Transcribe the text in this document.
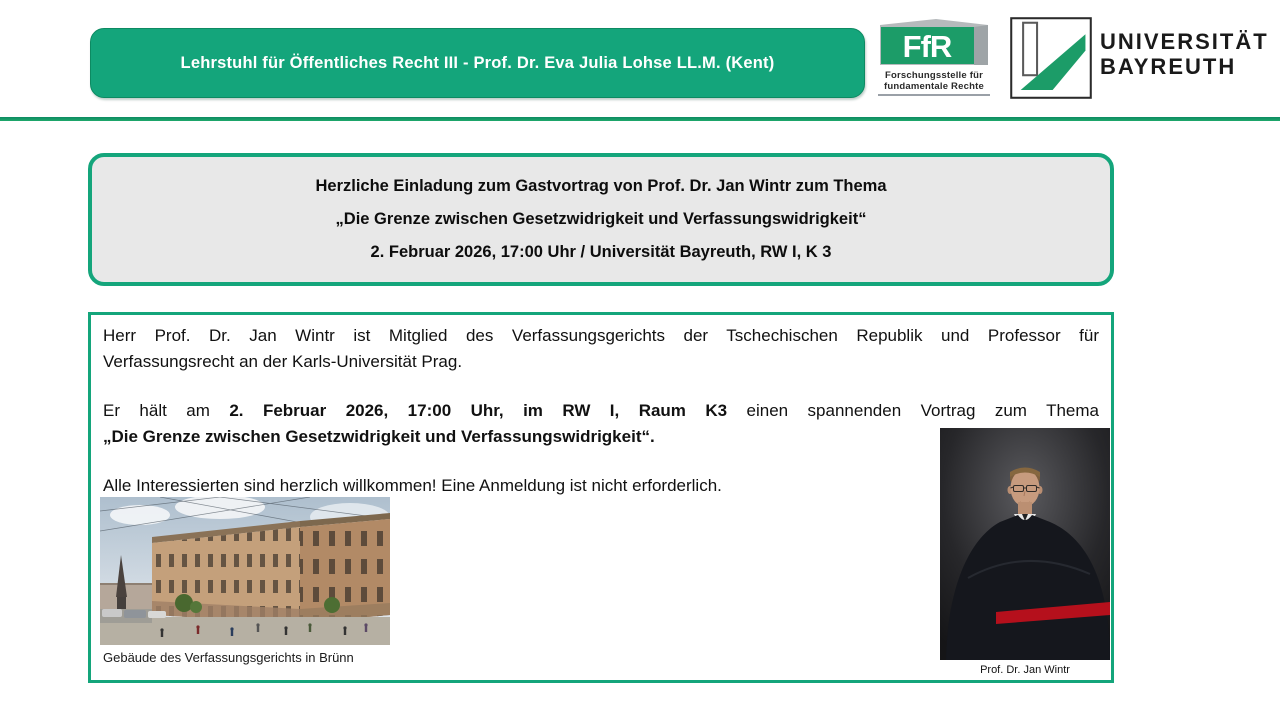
Lehrstuhl für Öffentliches Recht III - Prof. Dr. Eva Julia Lohse LL.M. (Kent)	FfR
Forschungsstelle für
fundamentale Rechte
UNIVERSITÄT
BAYREUTH
Herzliche Einladung zum Gastvortrag von Prof. Dr. Jan Wintr zum Thema
„Die Grenze zwischen Gesetzwidrigkeit und Verfassungswidrigkeit“
2. Februar 2026, 17:00 Uhr / Universität Bayreuth, RW I, K 3

Herr Prof. Dr. Jan Wintr ist Mitglied des Verfassungsgerichts der Tschechischen Republik und Professor für Verfassungsrecht an der Karls-Universität Prag.

Er hält am 2. Februar 2026, 17:00 Uhr, im RW I, Raum K3 einen spannenden Vortrag zum Thema „Die Grenze zwischen Gesetzwidrigkeit und Verfassungswidrigkeit“.

Alle Interessierten sind herzlich willkommen! Eine Anmeldung ist nicht erforderlich.

Gebäude des Verfassungsgerichts in Brünn
Prof. Dr. Jan Wintr
